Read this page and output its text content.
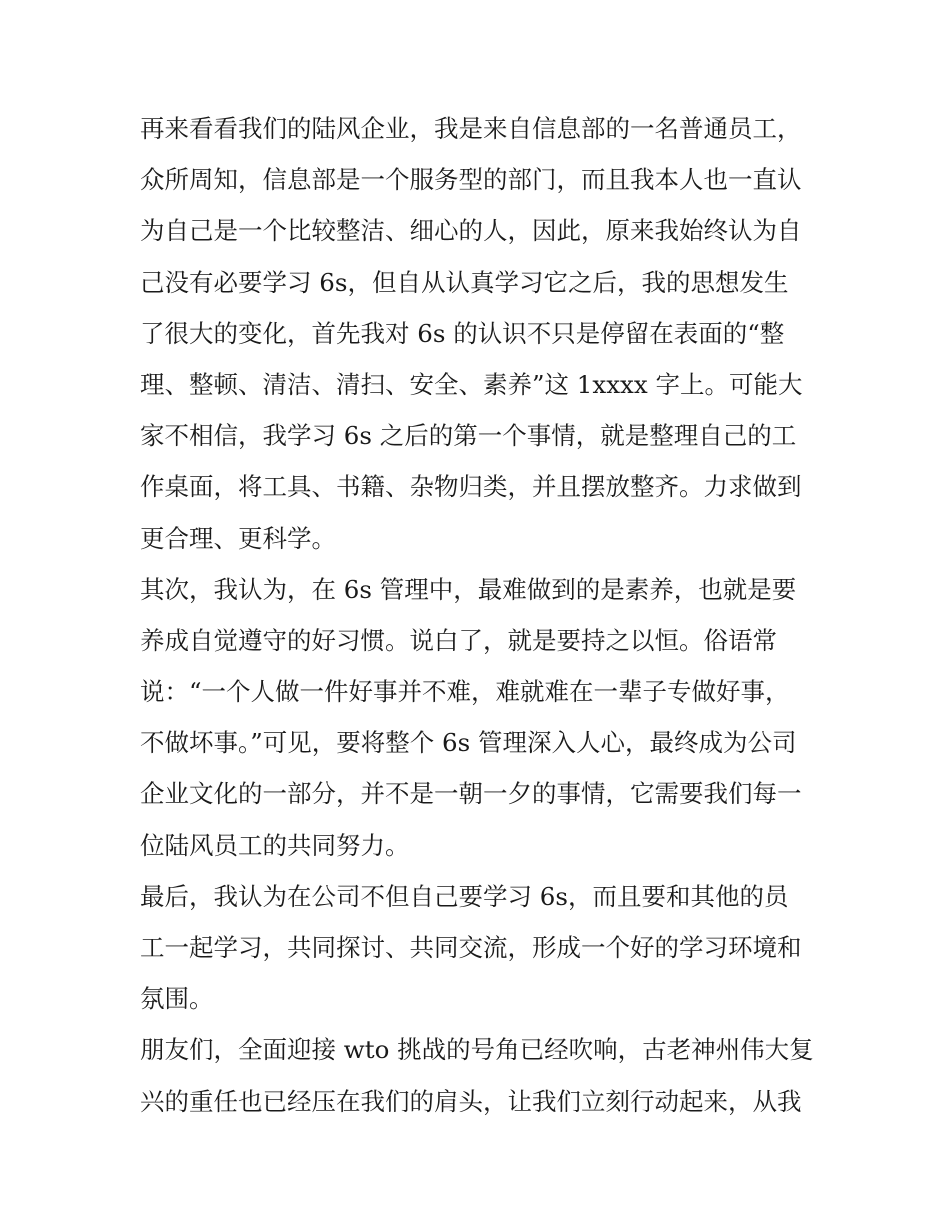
再来看看我们的陆风企业，我是来自信息部的一名普通员工，
众所周知，信息部是一个服务型的部门，而且我本人也一直认
为自己是一个比较整洁、细心的人，因此，原来我始终认为自
己没有必要学习 6s，但自从认真学习它之后，我的思想发生
了很大的变化，首先我对 6s 的认识不只是停留在表面的“整
理、整顿、清洁、清扫、安全、素养”这 1xxxx 字上。可能大
家不相信，我学习 6s 之后的第一个事情，就是整理自己的工
作桌面，将工具、书籍、杂物归类，并且摆放整齐。力求做到
更合理、更科学。
其次，我认为，在 6s 管理中，最难做到的是素养，也就是要
养成自觉遵守的好习惯。说白了，就是要持之以恒。俗语常
说：“一个人做一件好事并不难，难就难在一辈子专做好事，
不做坏事。”可见，要将整个 6s 管理深入人心，最终成为公司
企业文化的一部分，并不是一朝一夕的事情，它需要我们每一
位陆风员工的共同努力。
最后，我认为在公司不但自己要学习 6s，而且要和其他的员
工一起学习，共同探讨、共同交流，形成一个好的学习环境和
氛围。
朋友们，全面迎接 wto 挑战的号角已经吹响，古老神州伟大复
兴的重任也已经压在我们的肩头，让我们立刻行动起来，从我
